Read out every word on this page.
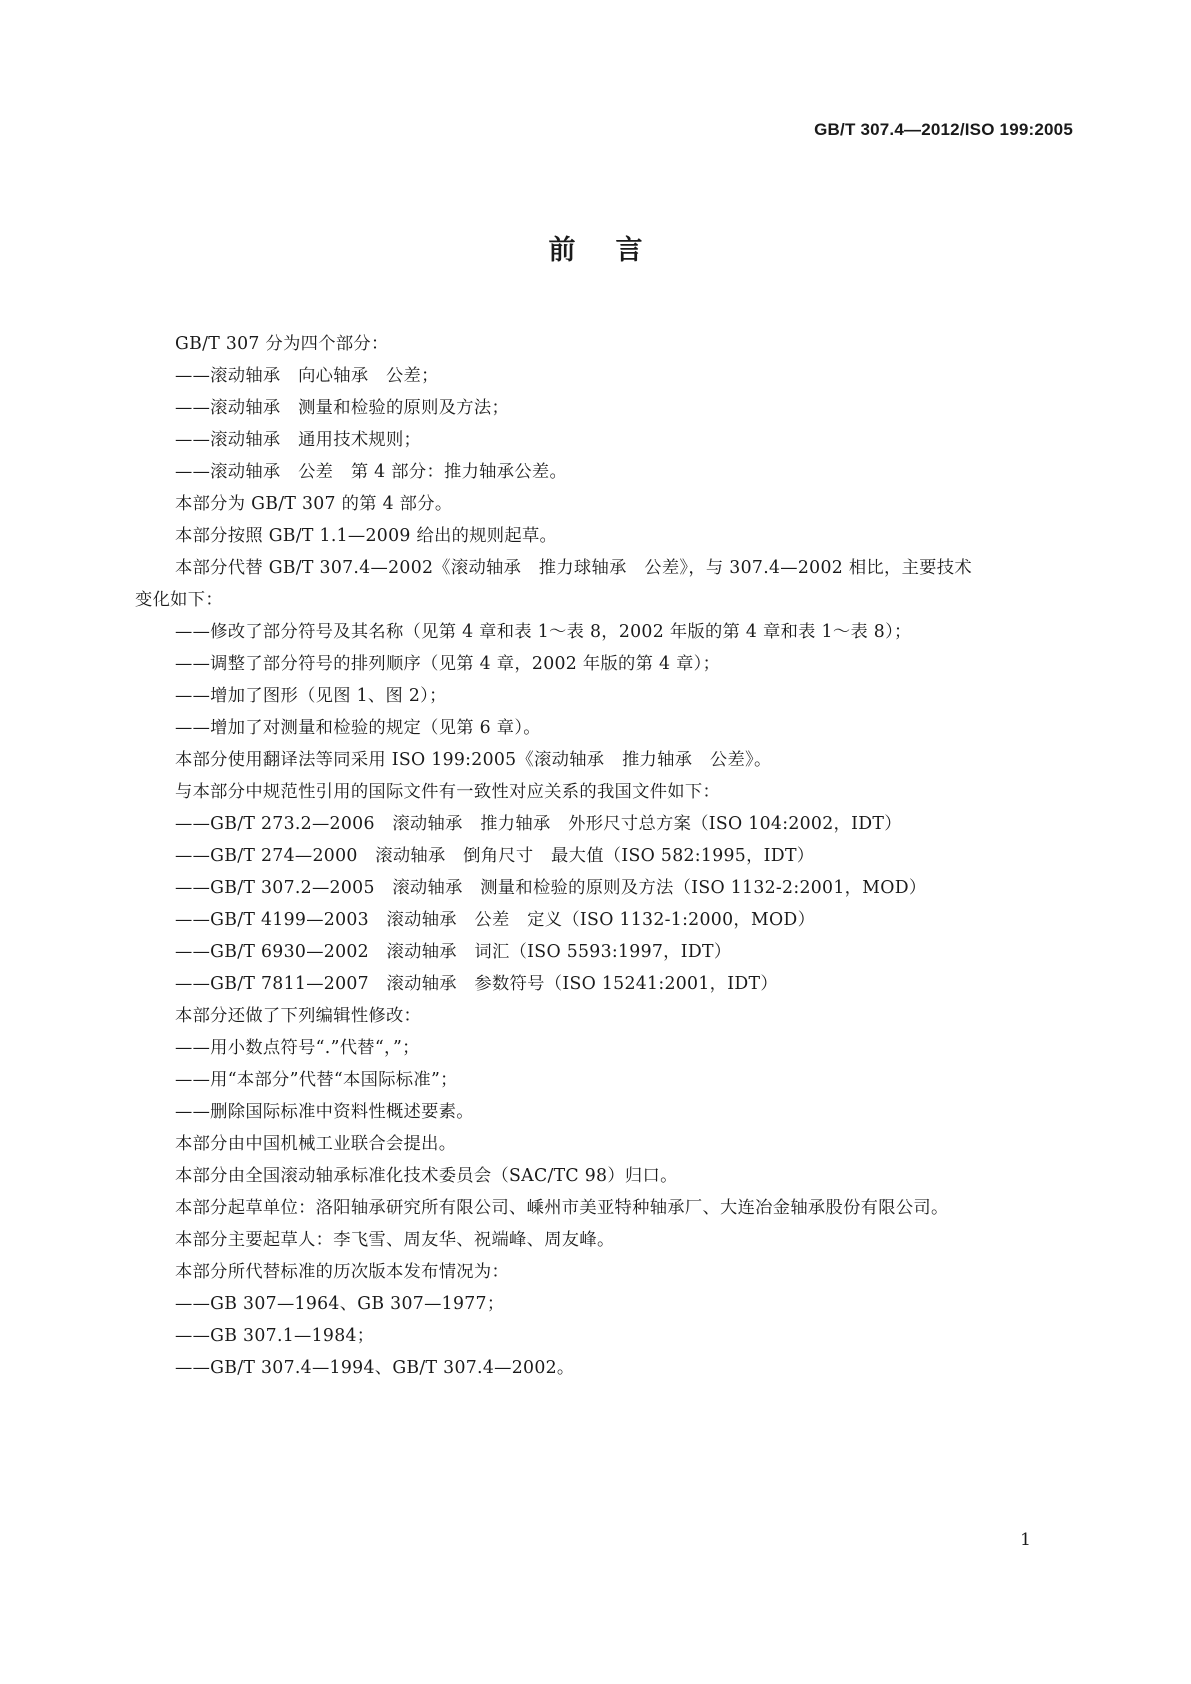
GB/T 307.4—2012/ISO 199:2005
前言
GB/T 307 分为四个部分：
——滚动轴承　向心轴承　公差；
——滚动轴承　测量和检验的原则及方法；
——滚动轴承　通用技术规则；
——滚动轴承　公差　第 4 部分：推力轴承公差。
本部分为 GB/T 307 的第 4 部分。
本部分按照 GB/T 1.1—2009 给出的规则起草。
本部分代替 GB/T 307.4—2002《滚动轴承　推力球轴承　公差》，与 307.4—2002 相比，主要技术
变化如下：
——修改了部分符号及其名称（见第 4 章和表 1～表 8，2002 年版的第 4 章和表 1～表 8）；
——调整了部分符号的排列顺序（见第 4 章，2002 年版的第 4 章）；
——增加了图形（见图 1、图 2）；
——增加了对测量和检验的规定（见第 6 章）。
本部分使用翻译法等同采用 ISO 199:2005《滚动轴承　推力轴承　公差》。
与本部分中规范性引用的国际文件有一致性对应关系的我国文件如下：
——GB/T 273.2—2006　滚动轴承　推力轴承　外形尺寸总方案（ISO 104:2002，IDT）
——GB/T 274—2000　滚动轴承　倒角尺寸　最大值（ISO 582:1995，IDT）
——GB/T 307.2—2005　滚动轴承　测量和检验的原则及方法（ISO 1132-2:2001，MOD）
——GB/T 4199—2003　滚动轴承　公差　定义（ISO 1132-1:2000，MOD）
——GB/T 6930—2002　滚动轴承　词汇（ISO 5593:1997，IDT）
——GB/T 7811—2007　滚动轴承　参数符号（ISO 15241:2001，IDT）
本部分还做了下列编辑性修改：
——用小数点符号“.”代替“，”；
——用“本部分”代替“本国际标准”；
——删除国际标准中资料性概述要素。
本部分由中国机械工业联合会提出。
本部分由全国滚动轴承标准化技术委员会（SAC/TC 98）归口。
本部分起草单位：洛阳轴承研究所有限公司、嵊州市美亚特种轴承厂、大连冶金轴承股份有限公司。
本部分主要起草人：李飞雪、周友华、祝端峰、周友峰。
本部分所代替标准的历次版本发布情况为：
——GB 307—1964、GB 307—1977；
——GB 307.1—1984；
——GB/T 307.4—1994、GB/T 307.4—2002。
1
